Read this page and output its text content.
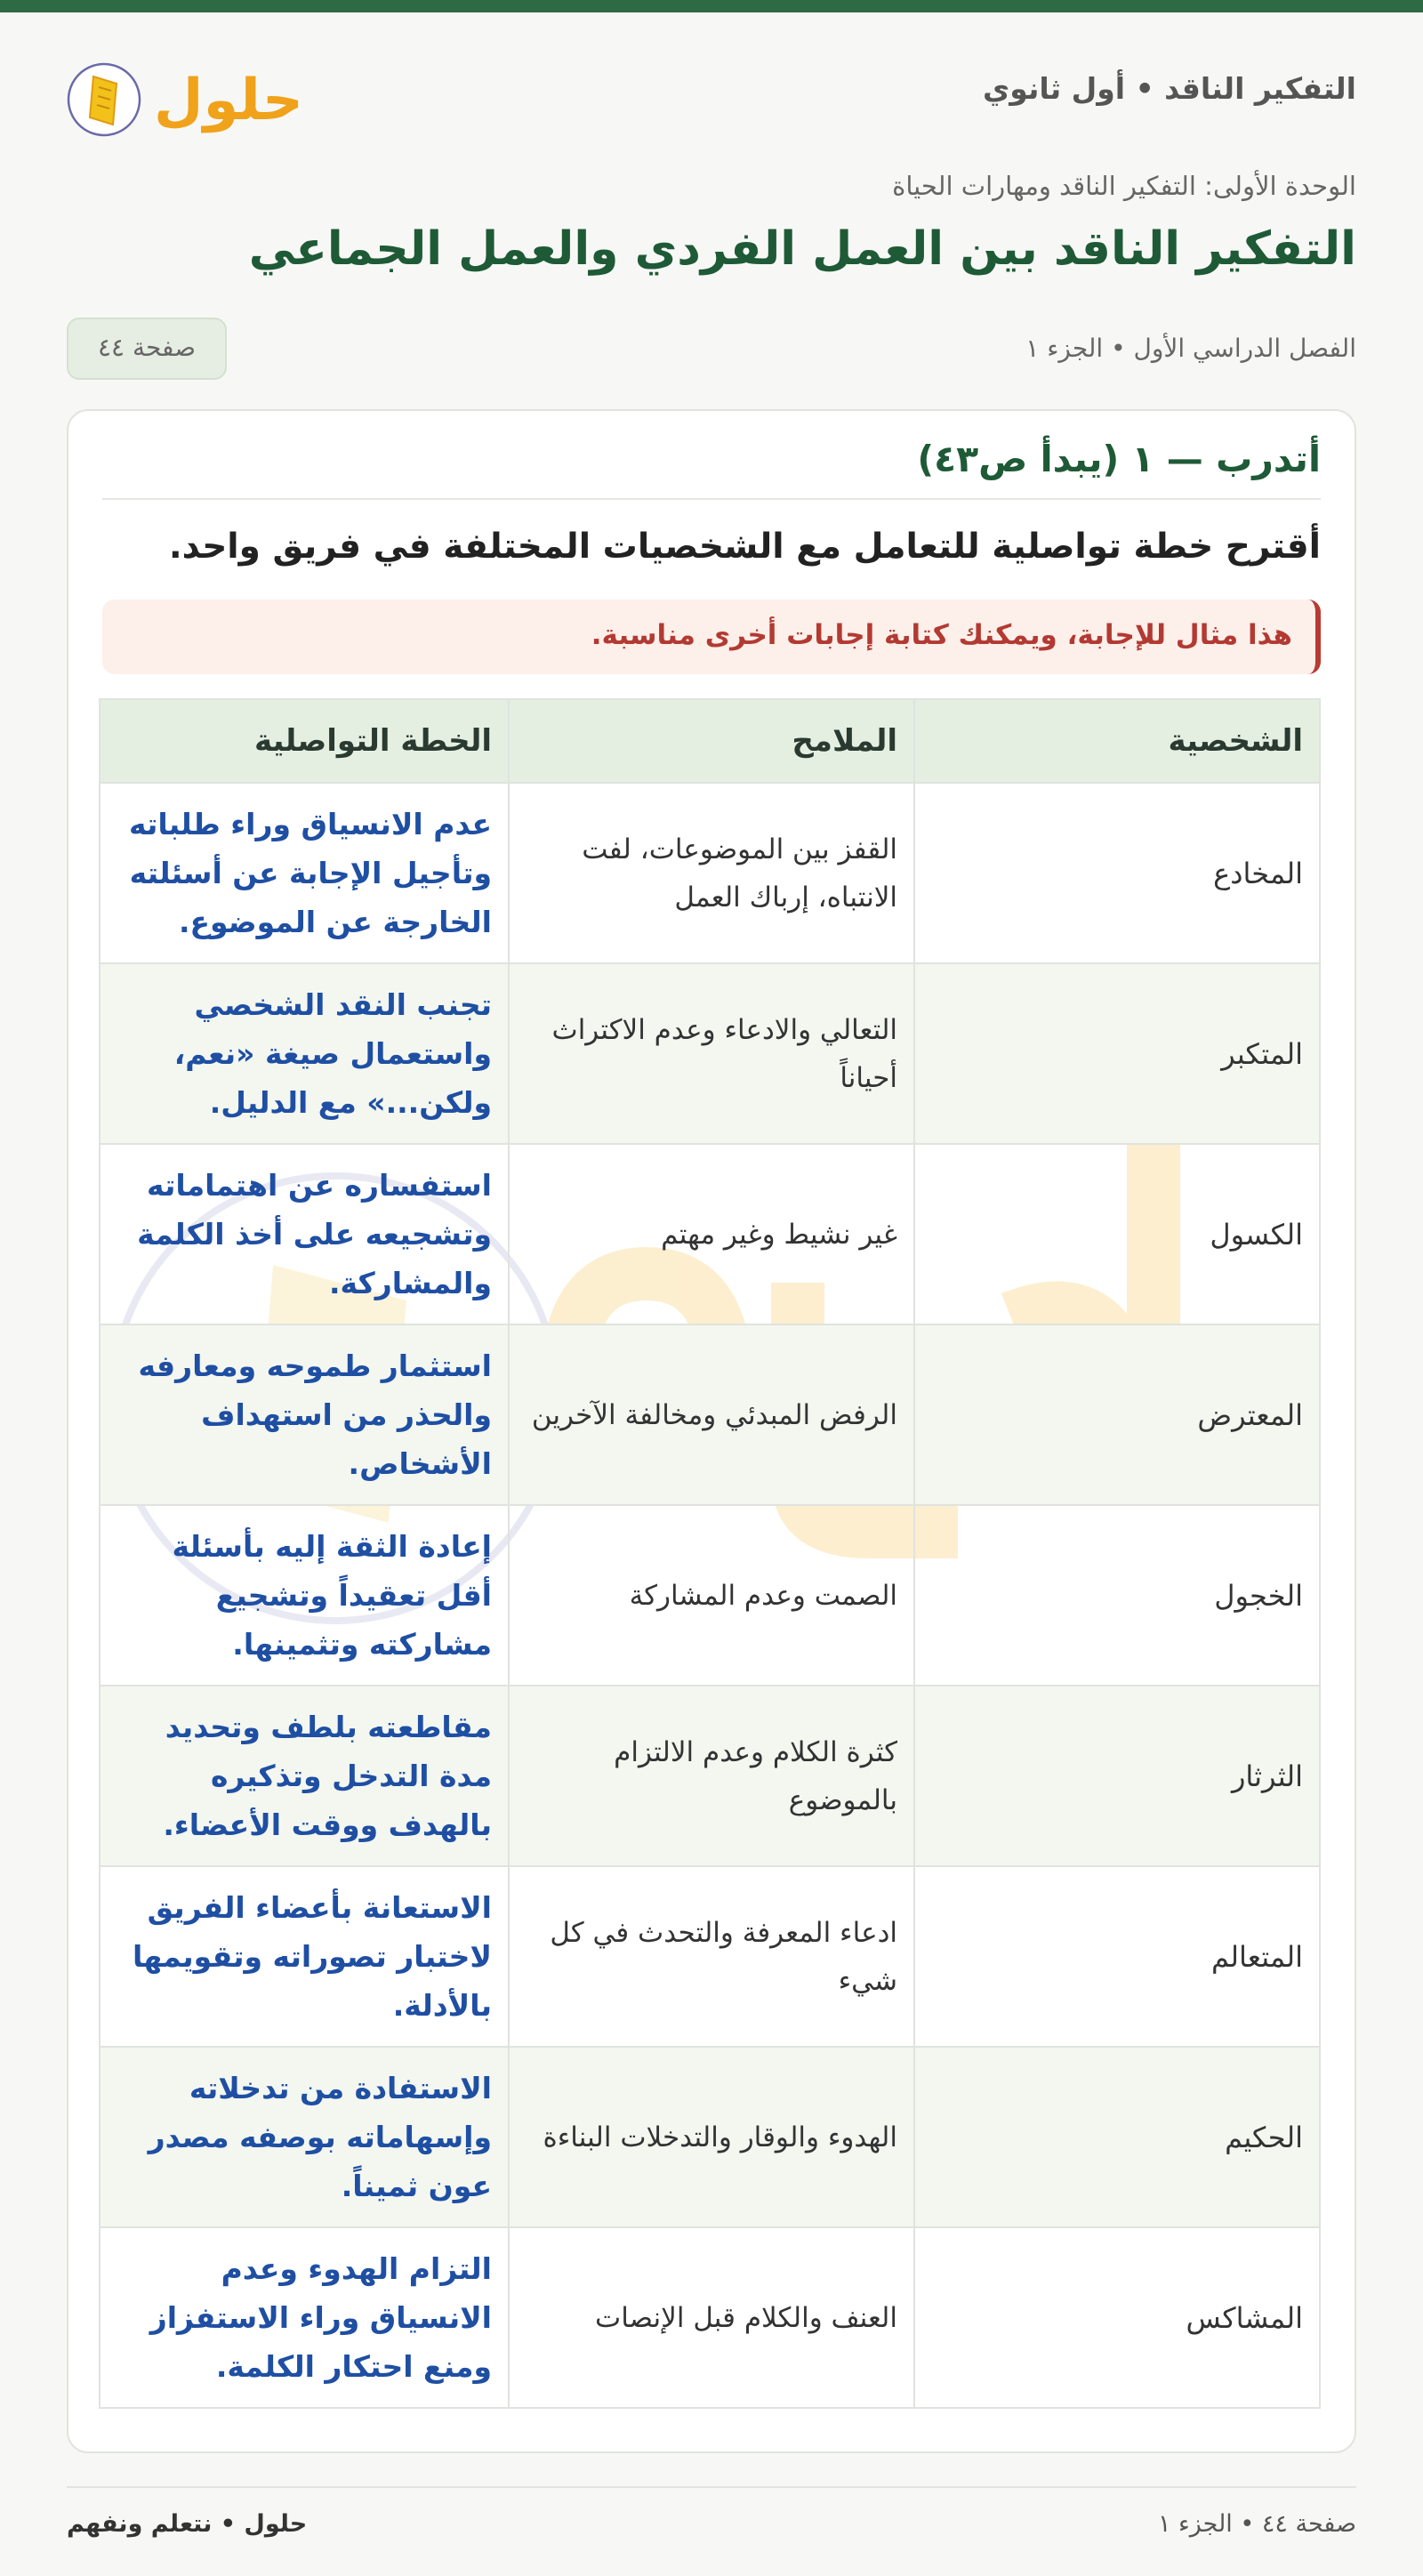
حلول	التفكير الناقد • أول ثانوي
الوحدة الأولى: التفكير الناقد ومهارات الحياة
التفكير الناقد بين العمل الفردي والعمل الجماعي
الفصل الدراسي الأول • الجزء ١
صفحة ٤٤
أتدرب — ١ (يبدأ ص٤٣)
أقترح خطة تواصلية للتعامل مع الشخصيات المختلفة في فريق واحد.
هذا مثال للإجابة، ويمكنك كتابة إجابات أخرى مناسبة.
الشخصية	الملامح	الخطة التواصلية
المخادع	القفز بين الموضوعات، لفت الانتباه، إرباك العمل	عدم الانسياق وراء طلباته وتأجيل الإجابة عن أسئلته الخارجة عن الموضوع.
المتكبر	التعالي والادعاء وعدم الاكتراث أحياناً	تجنب النقد الشخصي واستعمال صيغة «نعم، ولكن...» مع الدليل.
الكسول	غير نشيط وغير مهتم	استفساره عن اهتماماته وتشجيعه على أخذ الكلمة والمشاركة.
المعترض	الرفض المبدئي ومخالفة الآخرين	استثمار طموحه ومعارفه والحذر من استهداف الأشخاص.
الخجول	الصمت وعدم المشاركة	إعادة الثقة إليه بأسئلة أقل تعقيداً وتشجيع مشاركته وتثمينها.
الثرثار	كثرة الكلام وعدم الالتزام بالموضوع	مقاطعته بلطف وتحديد مدة التدخل وتذكيره بالهدف ووقت الأعضاء.
المتعالم	ادعاء المعرفة والتحدث في كل شيء	الاستعانة بأعضاء الفريق لاختبار تصوراته وتقويمها بالأدلة.
الحكيم	الهدوء والوقار والتدخلات البناءة	الاستفادة من تدخلاته وإسهاماته بوصفه مصدر عون ثميناً.
المشاكس	العنف والكلام قبل الإنصات	التزام الهدوء وعدم الانسياق وراء الاستفزاز ومنع احتكار الكلمة.
صفحة ٤٤ • الجزء ١
حلول • نتعلم ونفهم
